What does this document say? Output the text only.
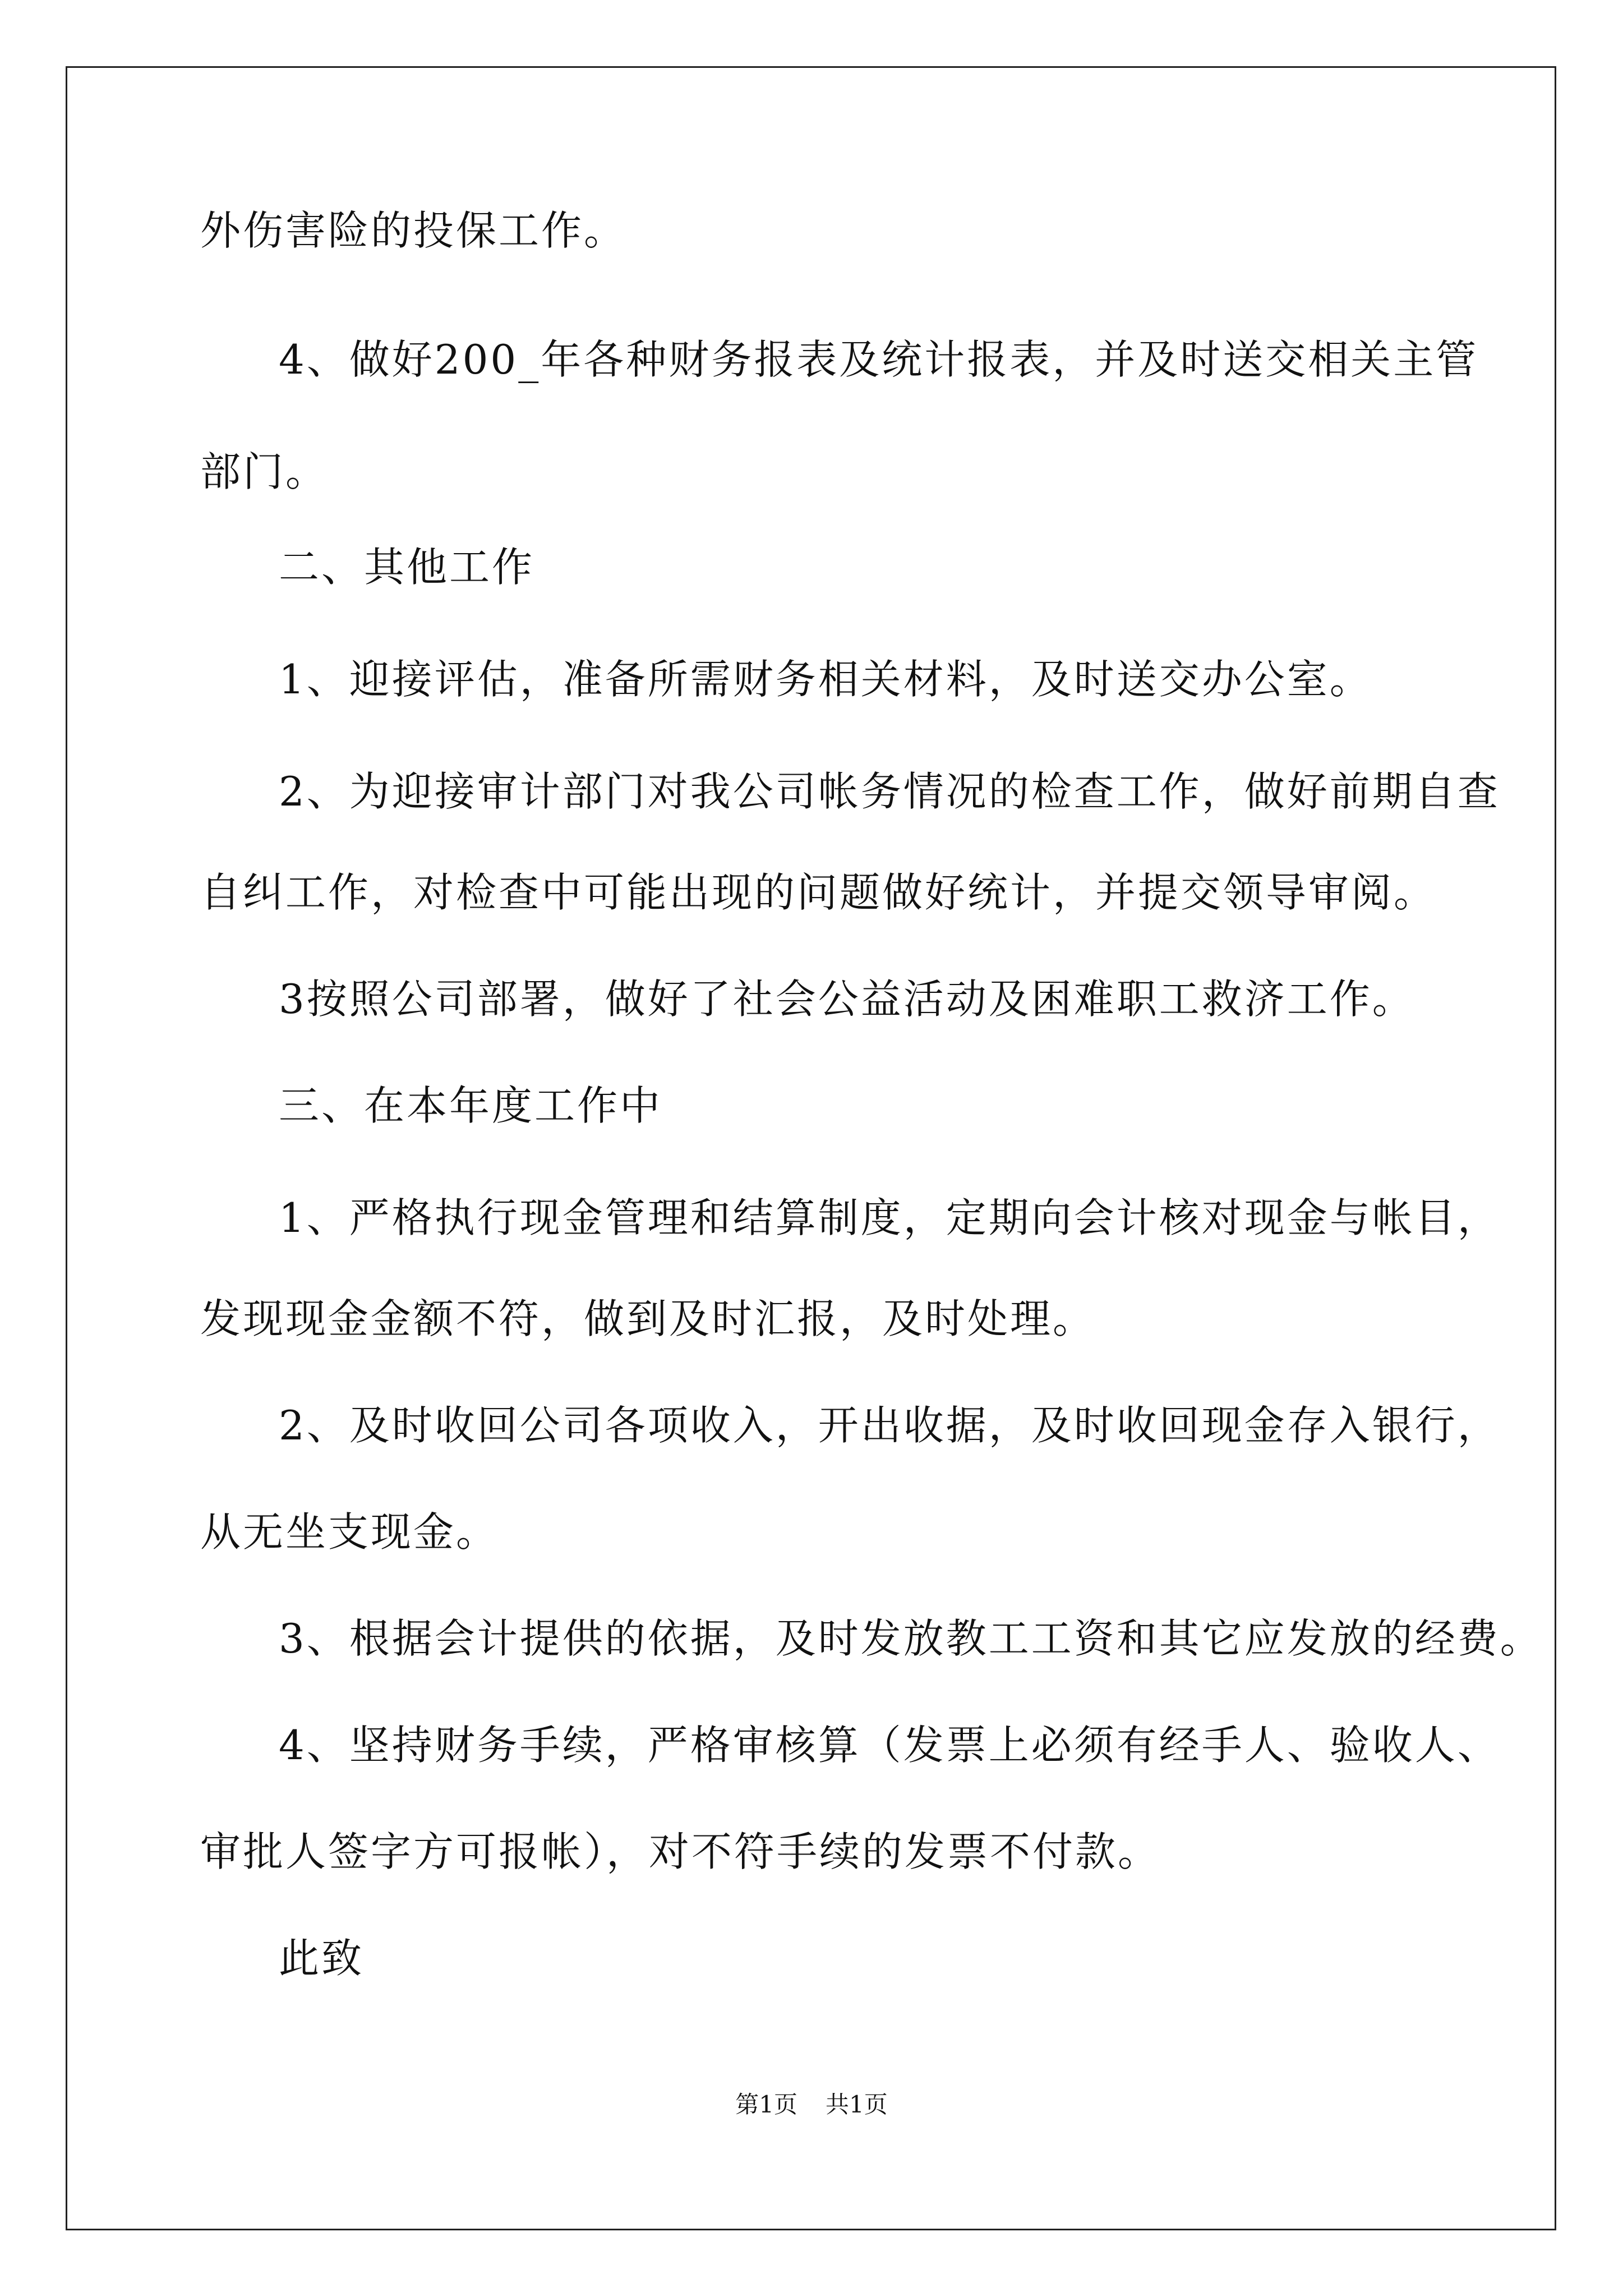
外伤害险的投保工作。

4、做好200_年各种财务报表及统计报表，并及时送交相关主管

部门。

二、其他工作

1、迎接评估，准备所需财务相关材料，及时送交办公室。

2、为迎接审计部门对我公司帐务情况的检查工作，做好前期自查

自纠工作，对检查中可能出现的问题做好统计，并提交领导审阅。

3按照公司部署，做好了社会公益活动及困难职工救济工作。

三、在本年度工作中

1、严格执行现金管理和结算制度，定期向会计核对现金与帐目，

发现现金金额不符，做到及时汇报，及时处理。

2、及时收回公司各项收入，开出收据，及时收回现金存入银行，

从无坐支现金。

3、根据会计提供的依据，及时发放教工工资和其它应发放的经费。

4、坚持财务手续，严格审核算（发票上必须有经手人、验收人、

审批人签字方可报帐），对不符手续的发票不付款。

此致

第1页 共1页
